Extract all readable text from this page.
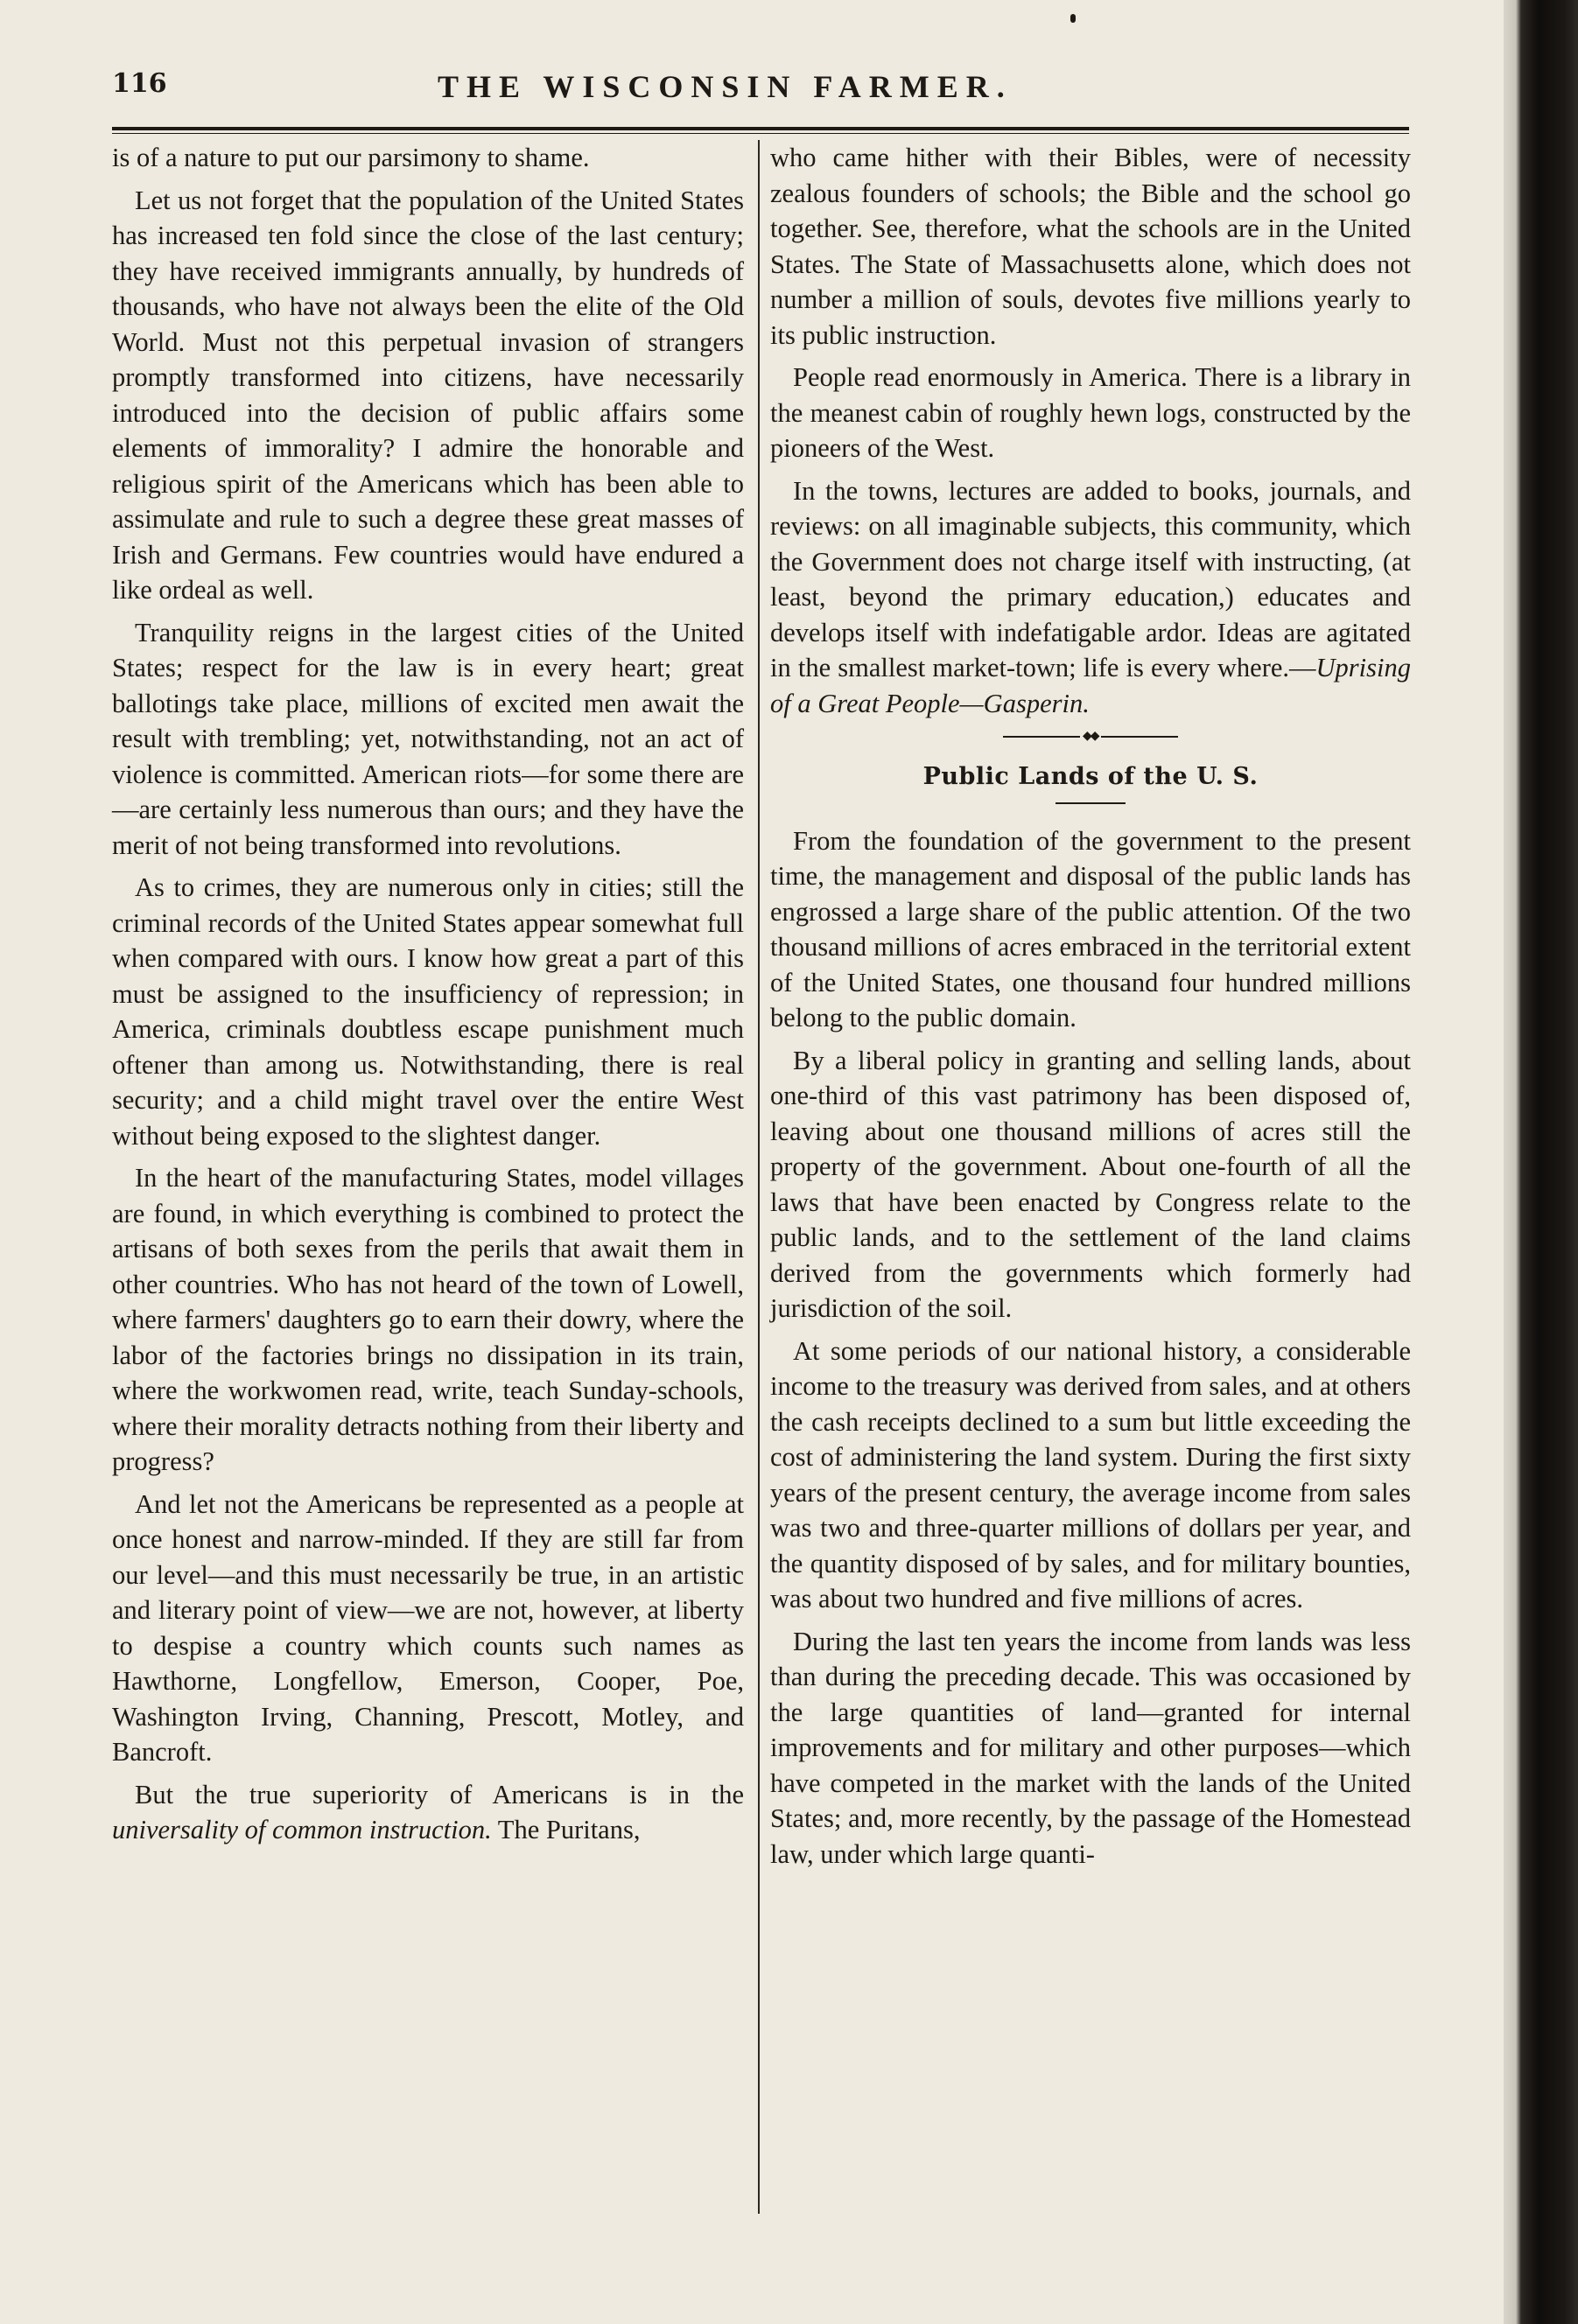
116	THE WISCONSIN FARMER.

is of a nature to put our parsimony to shame.

Let us not forget that the population of the United States has increased ten fold since the close of the last century; they have received immigrants annually, by hundreds of thousands, who have not always been the elite of the Old World. Must not this perpetual invasion of strangers promptly transformed into citizens, have necessarily introduced into the decision of public affairs some elements of immorality? I admire the honorable and religious spirit of the Americans which has been able to assimulate and rule to such a degree these great masses of Irish and Germans. Few countries would have endured a like ordeal as well.

Tranquility reigns in the largest cities of the United States; respect for the law is in every heart; great ballotings take place, millions of excited men await the result with trembling; yet, notwithstanding, not an act of violence is committed. American riots—for some there are—are certainly less numerous than ours; and they have the merit of not being transformed into revolutions.

As to crimes, they are numerous only in cities; still the criminal records of the United States appear somewhat full when compared with ours. I know how great a part of this must be assigned to the insufficiency of repression; in America, criminals doubtless escape punishment much oftener than among us. Notwithstanding, there is real security; and a child might travel over the entire West without being exposed to the slightest danger.

In the heart of the manufacturing States, model villages are found, in which everything is combined to protect the artisans of both sexes from the perils that await them in other countries. Who has not heard of the town of Lowell, where farmers' daughters go to earn their dowry, where the labor of the factories brings no dissipation in its train, where the workwomen read, write, teach Sunday-schools, where their morality detracts nothing from their liberty and progress?

And let not the Americans be represented as a people at once honest and narrow-minded. If they are still far from our level—and this must necessarily be true, in an artistic and literary point of view—we are not, however, at liberty to despise a country which counts such names as Hawthorne, Longfellow, Emerson, Cooper, Poe, Washington Irving, Channing, Prescott, Motley, and Bancroft.

But the true superiority of Americans is in the universality of common instruction. The Puritans,

who came hither with their Bibles, were of necessity zealous founders of schools; the Bible and the school go together. See, therefore, what the schools are in the United States. The State of Massachusetts alone, which does not number a million of souls, devotes five millions yearly to its public instruction.

People read enormously in America. There is a library in the meanest cabin of roughly hewn logs, constructed by the pioneers of the West.

In the towns, lectures are added to books, journals, and reviews: on all imaginable subjects, this community, which the Government does not charge itself with instructing, (at least, beyond the primary education,) educates and develops itself with indefatigable ardor. Ideas are agitated in the smallest market-town; life is every where.—Uprising of a Great People—Gasperin.

◆◆
Public Lands of the U. S.

From the foundation of the government to the present time, the management and disposal of the public lands has engrossed a large share of the public attention. Of the two thousand millions of acres embraced in the territorial extent of the United States, one thousand four hundred millions belong to the public domain.

By a liberal policy in granting and selling lands, about one-third of this vast patrimony has been disposed of, leaving about one thousand millions of acres still the property of the government. About one-fourth of all the laws that have been enacted by Congress relate to the public lands, and to the settlement of the land claims derived from the governments which formerly had jurisdiction of the soil.

At some periods of our national history, a considerable income to the treasury was derived from sales, and at others the cash receipts declined to a sum but little exceeding the cost of administering the land system. During the first sixty years of the present century, the average income from sales was two and three-quarter millions of dollars per year, and the quantity disposed of by sales, and for military bounties, was about two hundred and five millions of acres.

During the last ten years the income from lands was less than during the preceding decade. This was occasioned by the large quantities of land—granted for internal improvements and for military and other purposes—which have competed in the market with the lands of the United States; and, more recently, by the passage of the Homestead law, under which large quanti-
